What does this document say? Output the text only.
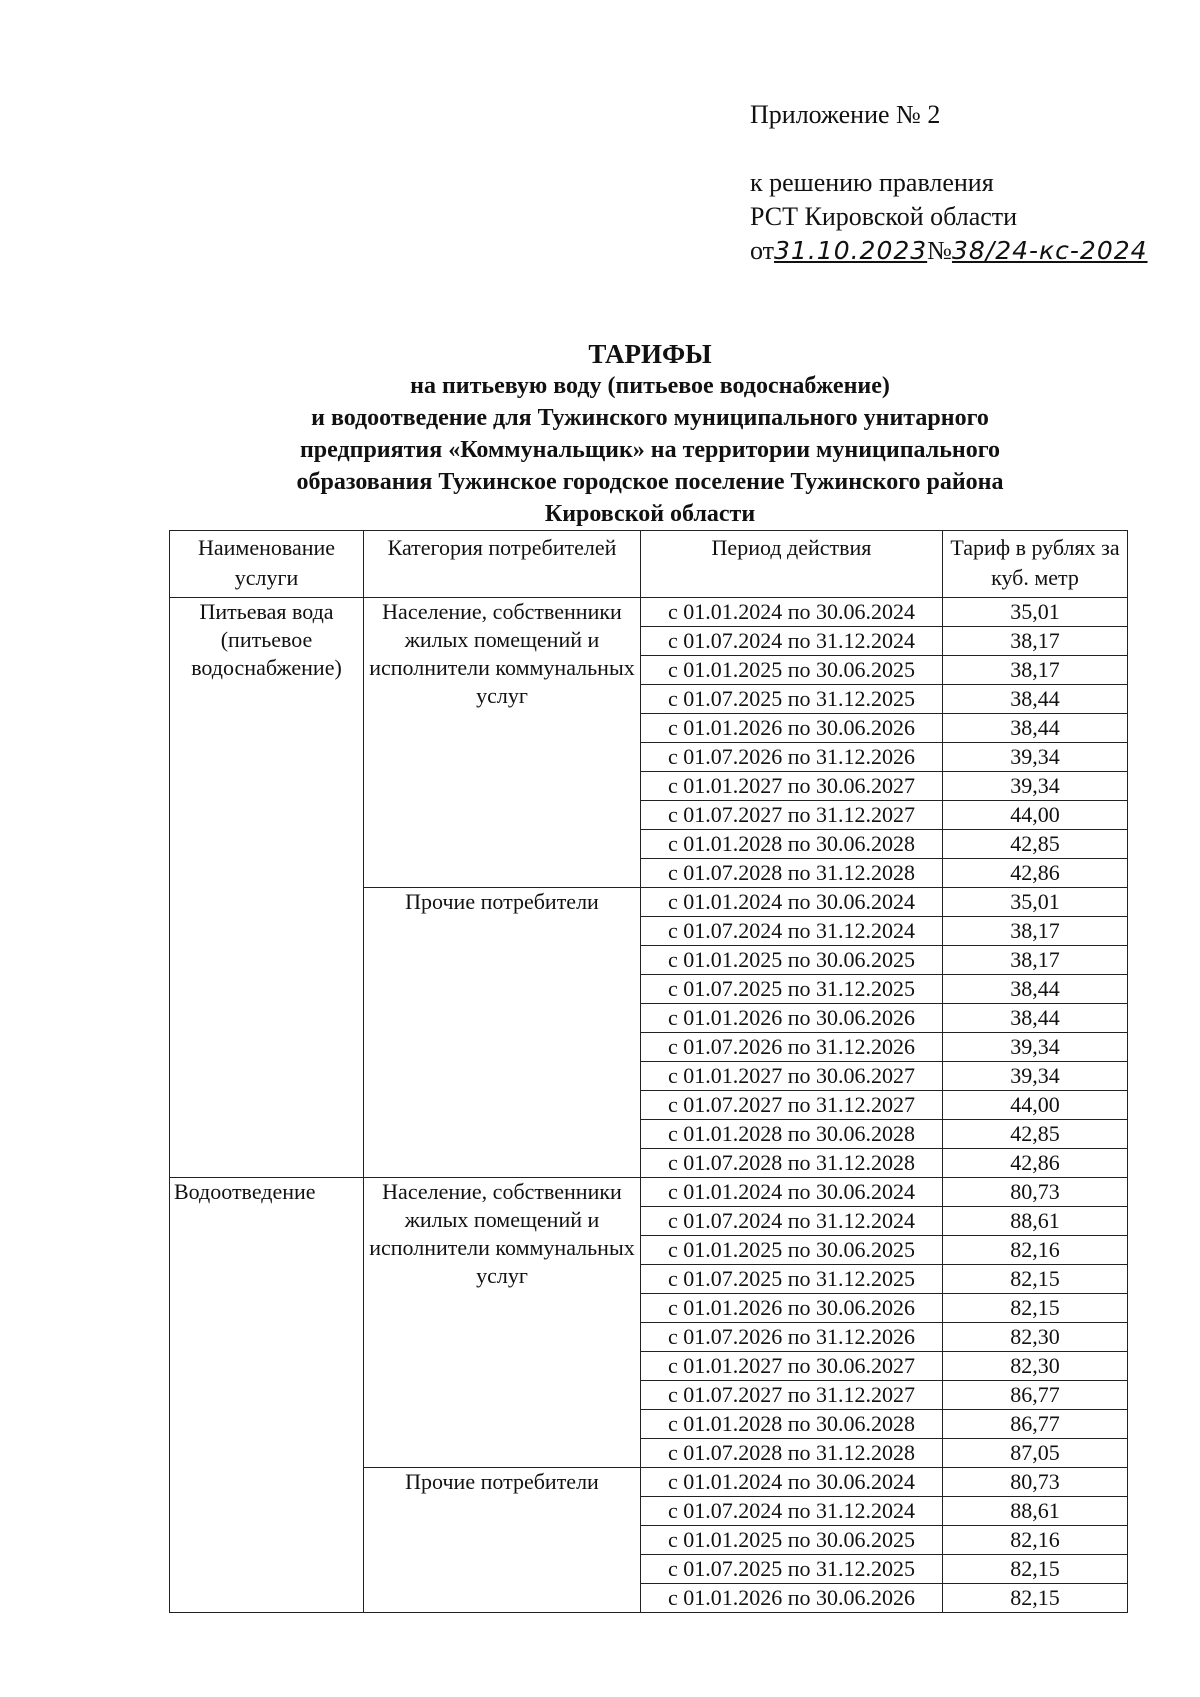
Приложение № 2
к решению правления
РСТ Кировской области
от31.10.2023№38/24-кс-2024
ТАРИФЫ
на питьевую воду (питьевое водоснабжение)
и водоотведение для Тужинского муниципального унитарного
предприятия «Коммунальщик» на территории муниципального
образования Тужинское городское поселение Тужинского района
Кировской области
Наименование услуги	Категория потребителей	Период действия	Тариф в рублях за куб. метр
Питьевая вода (питьевое водоснабжение)	Население, собственники жилых помещений и исполнители коммунальных услуг	с 01.01.2024 по 30.06.2024	35,01
		с 01.07.2024 по 31.12.2024	38,17
		с 01.01.2025 по 30.06.2025	38,17
		с 01.07.2025 по 31.12.2025	38,44
		с 01.01.2026 по 30.06.2026	38,44
		с 01.07.2026 по 31.12.2026	39,34
		с 01.01.2027 по 30.06.2027	39,34
		с 01.07.2027 по 31.12.2027	44,00
		с 01.01.2028 по 30.06.2028	42,85
		с 01.07.2028 по 31.12.2028	42,86
	Прочие потребители	с 01.01.2024 по 30.06.2024	35,01
		с 01.07.2024 по 31.12.2024	38,17
		с 01.01.2025 по 30.06.2025	38,17
		с 01.07.2025 по 31.12.2025	38,44
		с 01.01.2026 по 30.06.2026	38,44
		с 01.07.2026 по 31.12.2026	39,34
		с 01.01.2027 по 30.06.2027	39,34
		с 01.07.2027 по 31.12.2027	44,00
		с 01.01.2028 по 30.06.2028	42,85
		с 01.07.2028 по 31.12.2028	42,86
Водоотведение	Население, собственники жилых помещений и исполнители коммунальных услуг	с 01.01.2024 по 30.06.2024	80,73
		с 01.07.2024 по 31.12.2024	88,61
		с 01.01.2025 по 30.06.2025	82,16
		с 01.07.2025 по 31.12.2025	82,15
		с 01.01.2026 по 30.06.2026	82,15
		с 01.07.2026 по 31.12.2026	82,30
		с 01.01.2027 по 30.06.2027	82,30
		с 01.07.2027 по 31.12.2027	86,77
		с 01.01.2028 по 30.06.2028	86,77
		с 01.07.2028 по 31.12.2028	87,05
	Прочие потребители	с 01.01.2024 по 30.06.2024	80,73
		с 01.07.2024 по 31.12.2024	88,61
		с 01.01.2025 по 30.06.2025	82,16
		с 01.07.2025 по 31.12.2025	82,15
		с 01.01.2026 по 30.06.2026	82,15
